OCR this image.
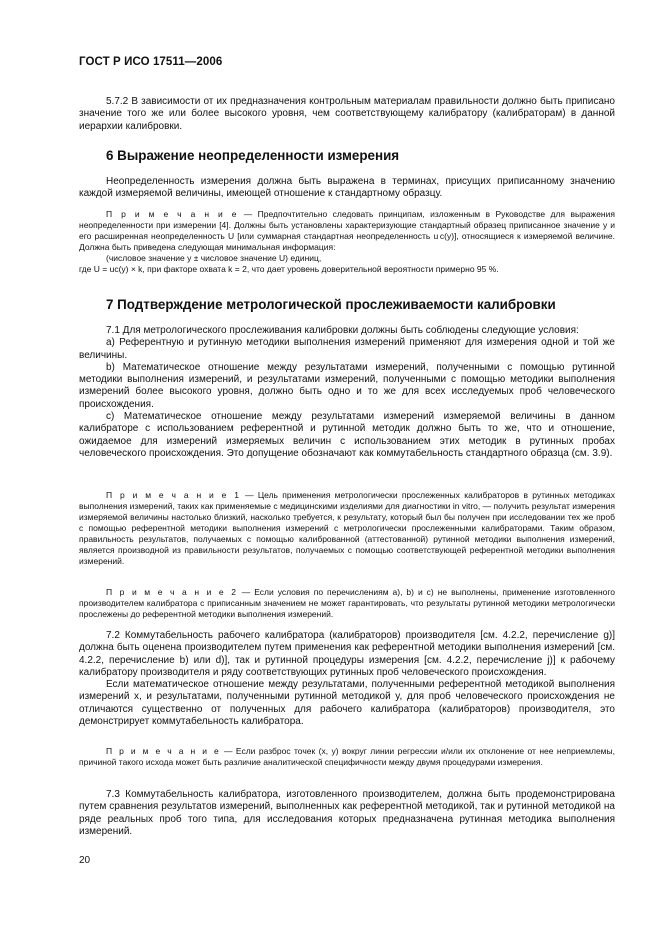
ГОСТ Р ИСО 17511—2006

5.7.2 В зависимости от их предназначения контрольным материалам правильности должно быть приписано значение того же или более высокого уровня, чем соответствующему калибратору (калибраторам) в данной иерархии калибровки.

6 Выражение неопределенности измерения

Неопределенность измерения должна быть выражена в терминах, присущих приписанному значению каждой измеряемой величины, имеющей отношение к стандартному образцу.

П р и м е ч а н и е — Предпочтительно следовать принципам, изложенным в Руководстве для выражения неопределенности при измерении [4]. Должны быть установлены характеризующие стандартный образец приписанное значение y и его расширенная неопределенность U [или суммарная стандартная неопределенность u c(y)], относящиеся к измеряемой величине. Должна быть приведена следующая минимальная информация:

(числовое значение y ± числовое значение U) единиц,

где U = uc(y) × k, при факторе охвата k = 2, что дает уровень доверительной вероятности примерно 95 %.

7 Подтверждение метрологической прослеживаемости калибровки

7.1 Для метрологического прослеживания калибровки должны быть соблюдены следующие условия:

a) Референтную и рутинную методики выполнения измерений применяют для измерения одной и той же величины.

b) Математическое отношение между результатами измерений, полученными с помощью рутинной методики выполнения измерений, и результатами измерений, полученными с помощью методики выполнения измерений более высокого уровня, должно быть одно и то же для всех исследуемых проб человеческого происхождения.

c) Математическое отношение между результатами измерений измеряемой величины в данном калибраторе с использованием референтной и рутинной методик должно быть то же, что и отношение, ожидаемое для измерений измеряемых величин с использованием этих методик в рутинных пробах человеческого происхождения. Это допущение обозначают как коммутабельность стандартного образца (см. 3.9).

П р и м е ч а н и е 1 — Цель применения метрологически прослеженных калибраторов в рутинных методиках выполнения измерений, таких как применяемые с медицинскими изделиями для диагностики in vitro, — получить результат измерения измеряемой величины настолько близкий, насколько требуется, к результату, который был бы получен при исследовании тех же проб с помощью референтной методики выполнения измерений с метрологически прослеженными калибраторами. Таким образом, правильность результатов, получаемых с помощью калиброванной (аттестованной) рутинной методики выполнения измерений, является производной из правильности результатов, получаемых с помощью соответствующей референтной методики выполнения измерений.

П р и м е ч а н и е 2 — Если условия по перечислениям a), b) и c) не выполнены, применение изготовленного производителем калибратора с приписанным значением не может гарантировать, что результаты рутинной методики метрологически прослежены до референтной методики выполнения измерений.

7.2 Коммутабельность рабочего калибратора (калибраторов) производителя [см. 4.2.2, перечисление g)] должна быть оценена производителем путем применения как референтной методики выполнения измерений [см. 4.2.2, перечисление b) или d)], так и рутинной процедуры измерения [см. 4.2.2, перечисление j)] к рабочему калибратору производителя и ряду соответствующих рутинных проб человеческого происхождения.

Если математическое отношение между результатами, полученными референтной методикой выполнения измерений x, и результатами, полученными рутинной методикой y, для проб человеческого происхождения не отличаются существенно от полученных для рабочего калибратора (калибраторов) производителя, это демонстрирует коммутабельность калибратора.

П р и м е ч а н и е — Если разброс точек (x, y) вокруг линии регрессии и/или их отклонение от нее неприемлемы, причиной такого исхода может быть различие аналитической специфичности между двумя процедурами измерения.

7.3 Коммутабельность калибратора, изготовленного производителем, должна быть продемонстрирована путем сравнения результатов измерений, выполненных как референтной методикой, так и рутинной методикой на ряде реальных проб того типа, для исследования которых предназначена рутинная методика выполнения измерений.

20
